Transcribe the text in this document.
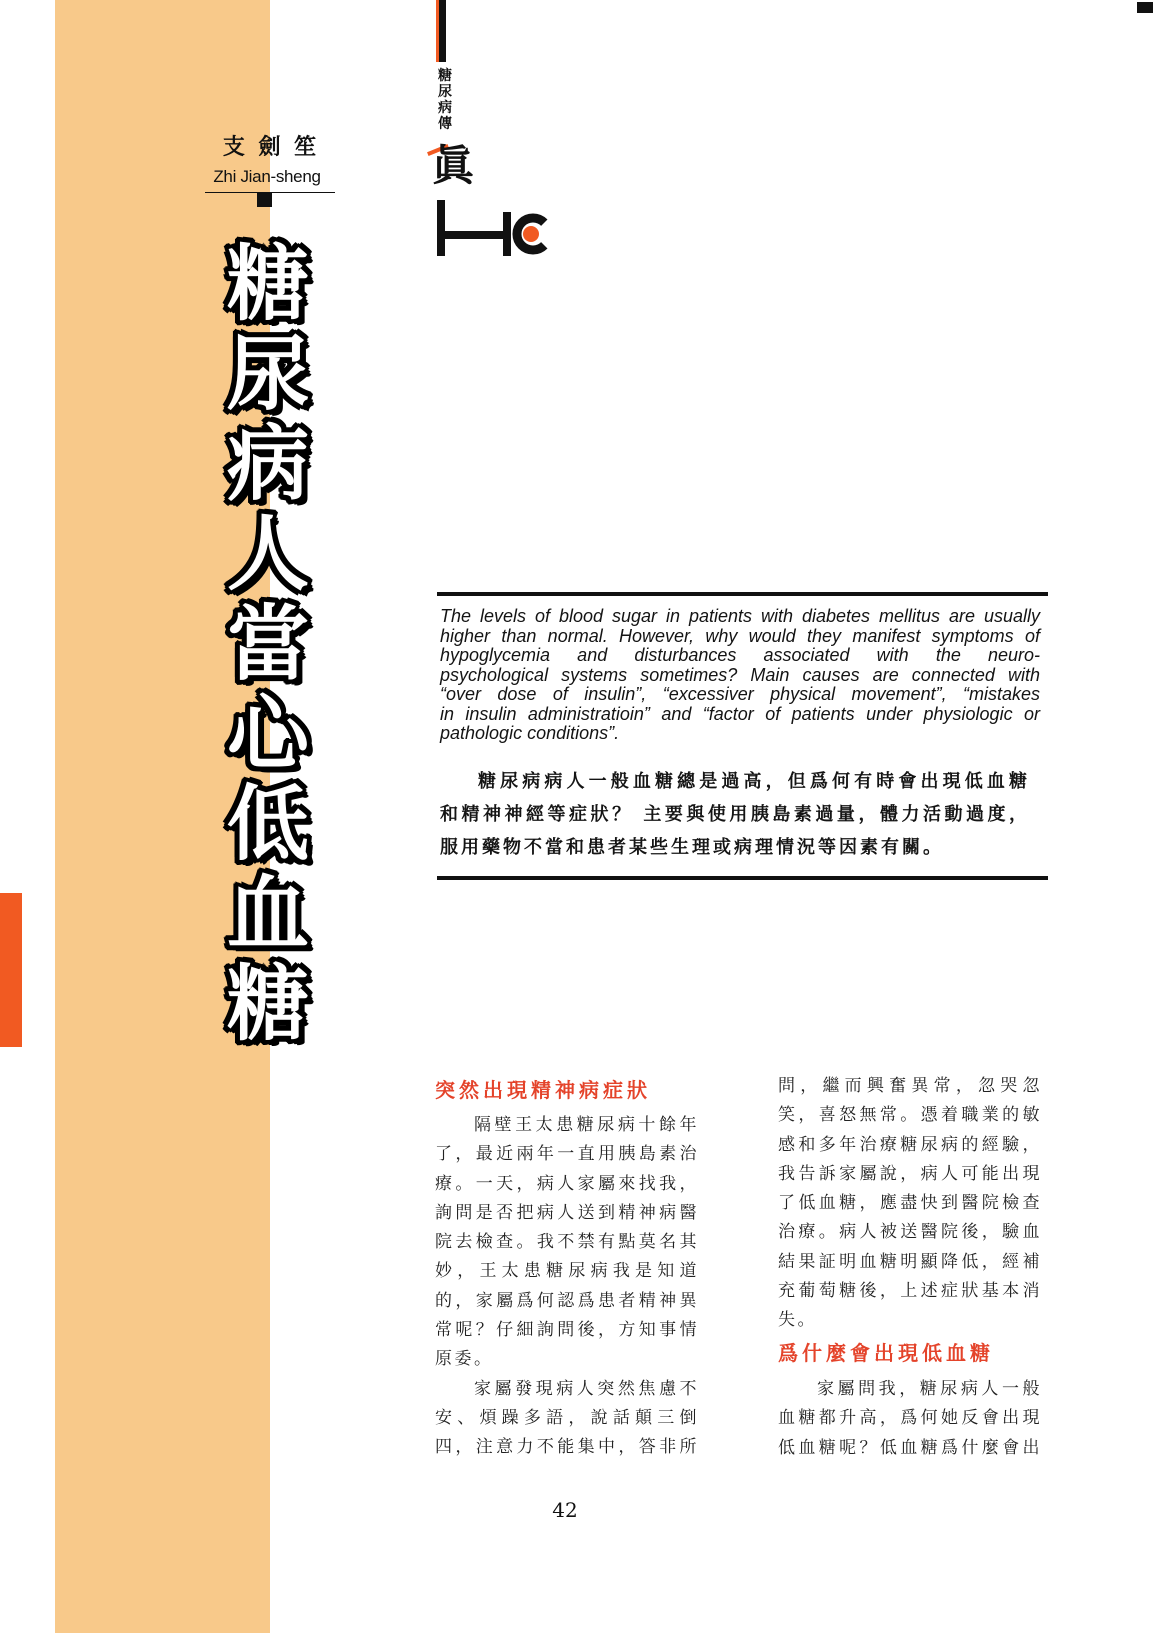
支 劍 笙
Zhi Jian-sheng
糖尿病人當心低血糖
糖尿病傳
眞
The levels of blood sugar in patients with diabetes mellitus are usually
higher than normal. However, why would they manifest symptoms of
hypoglycemia and disturbances associated with the neuro-
psychological systems sometimes? Main causes are connected with
“over dose of insulin”, “excessiver physical movement”, “mistakes
in insulin administratioin” and “factor of patients under physiologic or
pathologic conditions”.
糖尿病病人一般血糖總是過高，但爲何有時會出現低血糖
和精神神經等症狀？ 主要與使用胰島素過量，體力活動過度，
服用藥物不當和患者某些生理或病理情況等因素有關。
突然出現精神病症狀
隔壁王太患糖尿病十餘年
了，最近兩年一直用胰島素治
療。一天，病人家屬來找我，
詢問是否把病人送到精神病醫
院去檢查。我不禁有點莫名其
妙，王太患糖尿病我是知道
的，家屬爲何認爲患者精神異
常呢？仔細詢問後，方知事情
原委。
家屬發現病人突然焦慮不
安、煩躁多語，說話顛三倒
四，注意力不能集中，答非所
問，繼而興奮異常，忽哭忽
笑，喜怒無常。憑着職業的敏
感和多年治療糖尿病的經驗，
我告訴家屬說，病人可能出現
了低血糖，應盡快到醫院檢查
治療。病人被送醫院後，驗血
結果証明血糖明顯降低，經補
充葡萄糖後，上述症狀基本消
失。
爲什麼會出現低血糖
家屬問我，糖尿病人一般
血糖都升高，爲何她反會出現
低血糖呢？低血糖爲什麼會出
42
